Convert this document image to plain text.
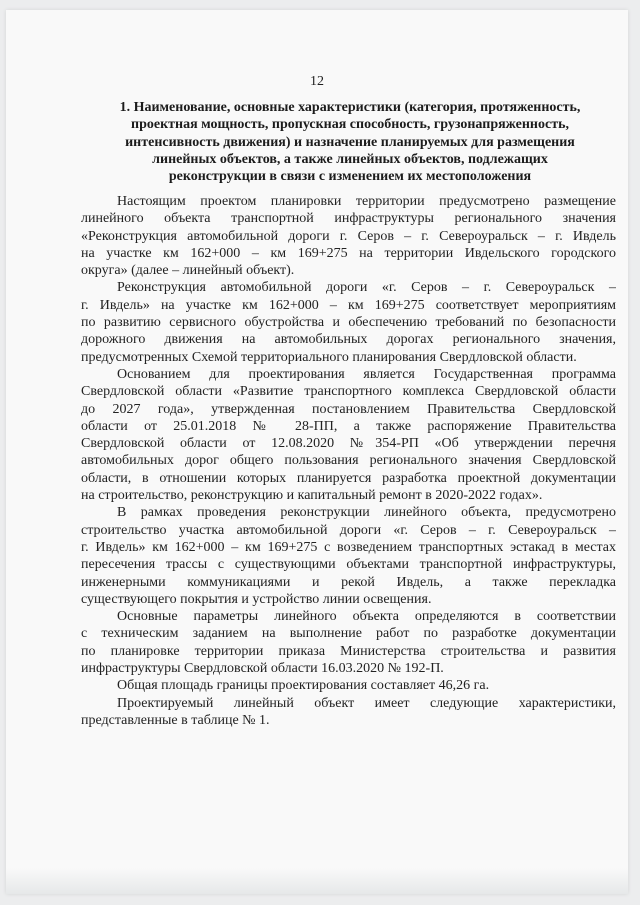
12
1. Наименование, основные характеристики (категория, протяженность,
проектная мощность, пропускная способность, грузонапряженность,
интенсивность движения) и назначение планируемых для размещения
линейных объектов, а также линейных объектов, подлежащих
реконструкции в связи с изменением их местоположения
Настоящим проектом планировки территории предусмотрено размещение
линейного объекта транспортной инфраструктуры регионального значения
«Реконструкция автомобильной дороги г. Серов – г. Североуральск – г. Ивдель
на участке км 162+000 – км 169+275 на территории Ивдельского городского
округа» (далее – линейный объект).
Реконструкция автомобильной дороги «г. Серов – г. Североуральск –
г. Ивдель» на участке км 162+000 – км 169+275 соответствует мероприятиям
по развитию сервисного обустройства и обеспечению требований по безопасности
дорожного движения на автомобильных дорогах регионального значения,
предусмотренных Схемой территориального планирования Свердловской области.
Основанием для проектирования является Государственная программа
Свердловской области «Развитие транспортного комплекса Свердловской области
до 2027 года», утвержденная постановлением Правительства Свердловской
области от 25.01.2018 № 28-ПП, а также распоряжение Правительства
Свердловской области от 12.08.2020 №354-РП «Об утверждении перечня
автомобильных дорог общего пользования регионального значения Свердловской
области, в отношении которых планируется разработка проектной документации
на строительство, реконструкцию и капитальный ремонт в 2020-2022 годах».
В рамках проведения реконструкции линейного объекта, предусмотрено
строительство участка автомобильной дороги «г. Серов – г. Североуральск –
г. Ивдель» км 162+000 – км 169+275 с возведением транспортных эстакад в местах
пересечения трассы с существующими объектами транспортной инфраструктуры,
инженерными коммуникациями и рекой Ивдель, а также перекладка
существующего покрытия и устройство линии освещения.
Основные параметры линейного объекта определяются в соответствии
с техническим заданием на выполнение работ по разработке документации
по планировке территории приказа Министерства строительства и развития
инфраструктуры Свердловской области 16.03.2020 № 192-П.
Общая площадь границы проектирования составляет 46,26 га.
Проектируемый линейный объект имеет следующие характеристики,
представленные в таблице № 1.
